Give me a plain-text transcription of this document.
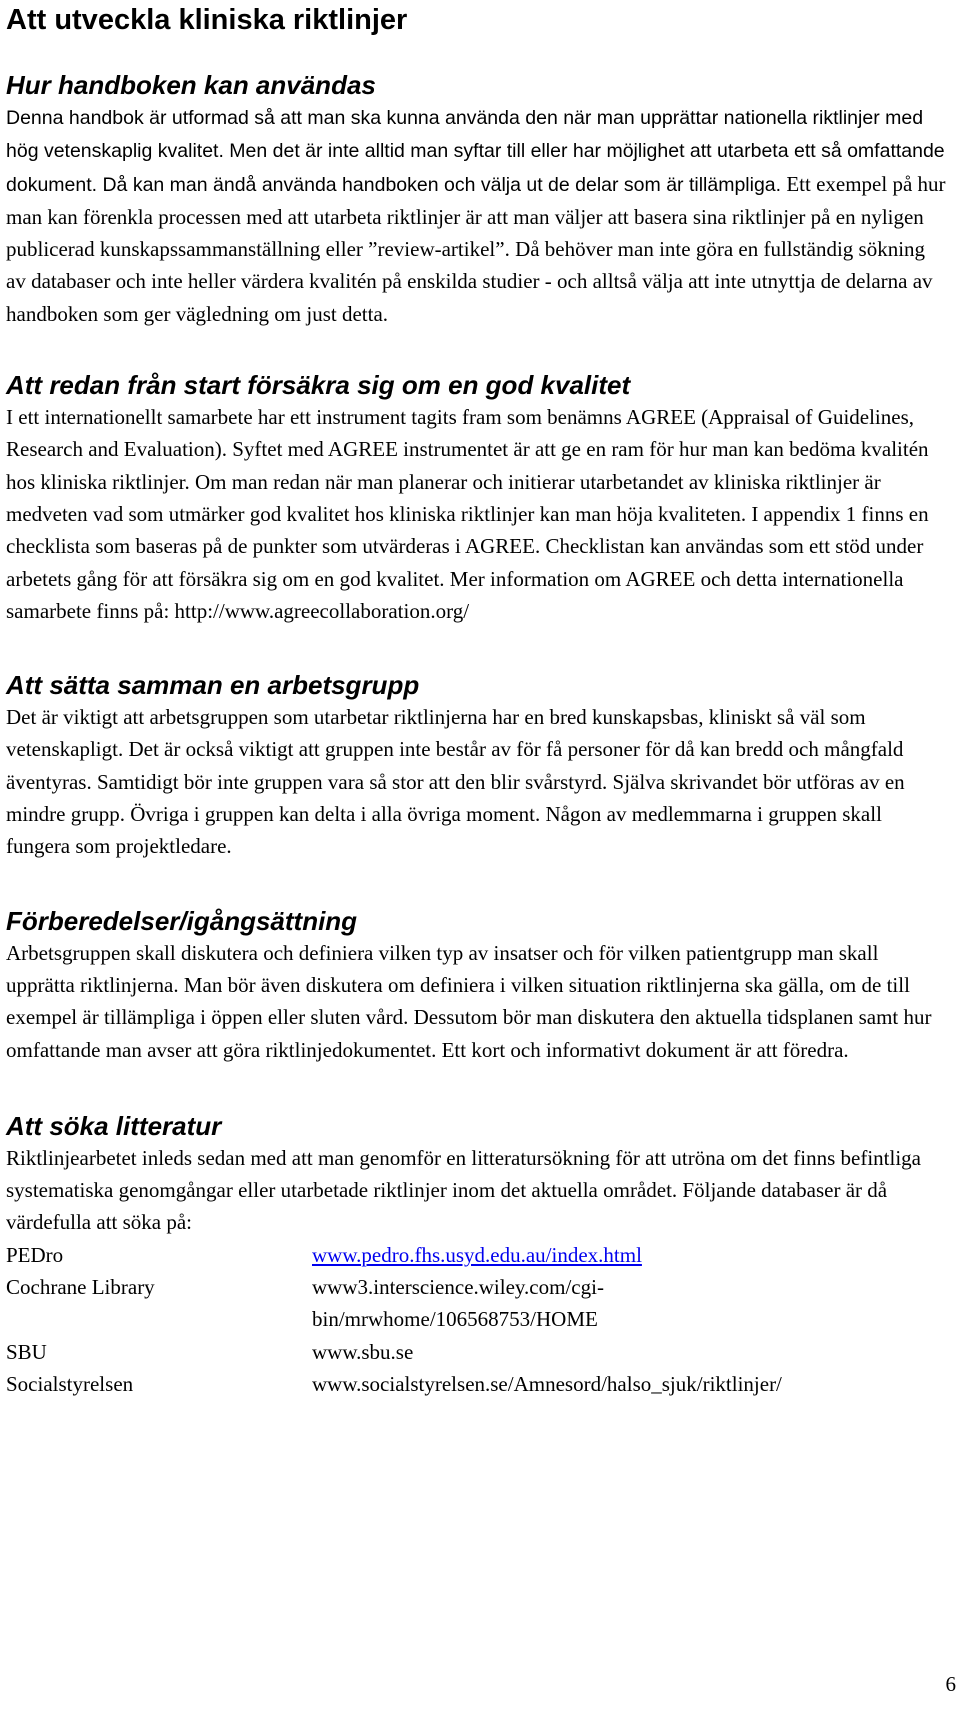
Att utveckla kliniska riktlinjer
Hur handboken kan användas

Denna handbok är utformad så att man ska kunna använda den när man upprättar nationella riktlinjer med hög vetenskaplig kvalitet. Men det är inte alltid man syftar till eller har möjlighet att utarbeta ett så omfattande dokument. Då kan man ändå använda handboken och välja ut de delar som är tillämpliga. Ett exempel på hur man kan förenkla processen med att utarbeta riktlinjer är att man väljer att basera sina riktlinjer på en nyligen publicerad kunskapssammanställning eller ”review-artikel”. Då behöver man inte göra en fullständig sökning av databaser och inte heller värdera kvalitén på enskilda studier - och alltså välja att inte utnyttja de delarna av handboken som ger vägledning om just detta.

Att redan från start försäkra sig om en god kvalitet

I ett internationellt samarbete har ett instrument tagits fram som benämns AGREE (Appraisal of Guidelines, Research and Evaluation). Syftet med AGREE instrumentet är att ge en ram för hur man kan bedöma kvalitén hos kliniska riktlinjer. Om man redan när man planerar och initierar utarbetandet av kliniska riktlinjer är medveten vad som utmärker god kvalitet hos kliniska riktlinjer kan man höja kvaliteten. I appendix 1 finns en checklista som baseras på de punkter som utvärderas i AGREE. Checklistan kan användas som ett stöd under arbetets gång för att försäkra sig om en god kvalitet. Mer information om AGREE och detta internationella samarbete finns på: http://www.agreecollaboration.org/

Att sätta samman en arbetsgrupp

Det är viktigt att arbetsgruppen som utarbetar riktlinjerna har en bred kunskapsbas, kliniskt så väl som vetenskapligt. Det är också viktigt att gruppen inte består av för få personer för då kan bredd och mångfald äventyras. Samtidigt bör inte gruppen vara så stor att den blir svårstyrd. Själva skrivandet bör utföras av en mindre grupp. Övriga i gruppen kan delta i alla övriga moment. Någon av medlemmarna i gruppen skall fungera som projektledare.

Förberedelser/igångsättning

Arbetsgruppen skall diskutera och definiera vilken typ av insatser och för vilken patientgrupp man skall upprätta riktlinjerna. Man bör även diskutera om definiera i vilken situation riktlinjerna ska gälla, om de till exempel är tillämpliga i öppen eller sluten vård. Dessutom bör man diskutera den aktuella tidsplanen samt hur omfattande man avser att göra riktlinjedokumentet. Ett kort och informativt dokument är att föredra.

Att söka litteratur

Riktlinjearbetet inleds sedan med att man genomför en litteratursökning för att utröna om det finns befintliga systematiska genomgångar eller utarbetade riktlinjer inom det aktuella området. Följande databaser är då värdefulla att söka på:

PEDro	www.pedro.fhs.usyd.edu.au/index.html
Cochrane Library	www3.interscience.wiley.com/cgi-
bin/mrwhome/106568753/HOME
SBU	www.sbu.se
Socialstyrelsen	www.socialstyrelsen.se/Amnesord/halso_sjuk/riktlinjer/
6
